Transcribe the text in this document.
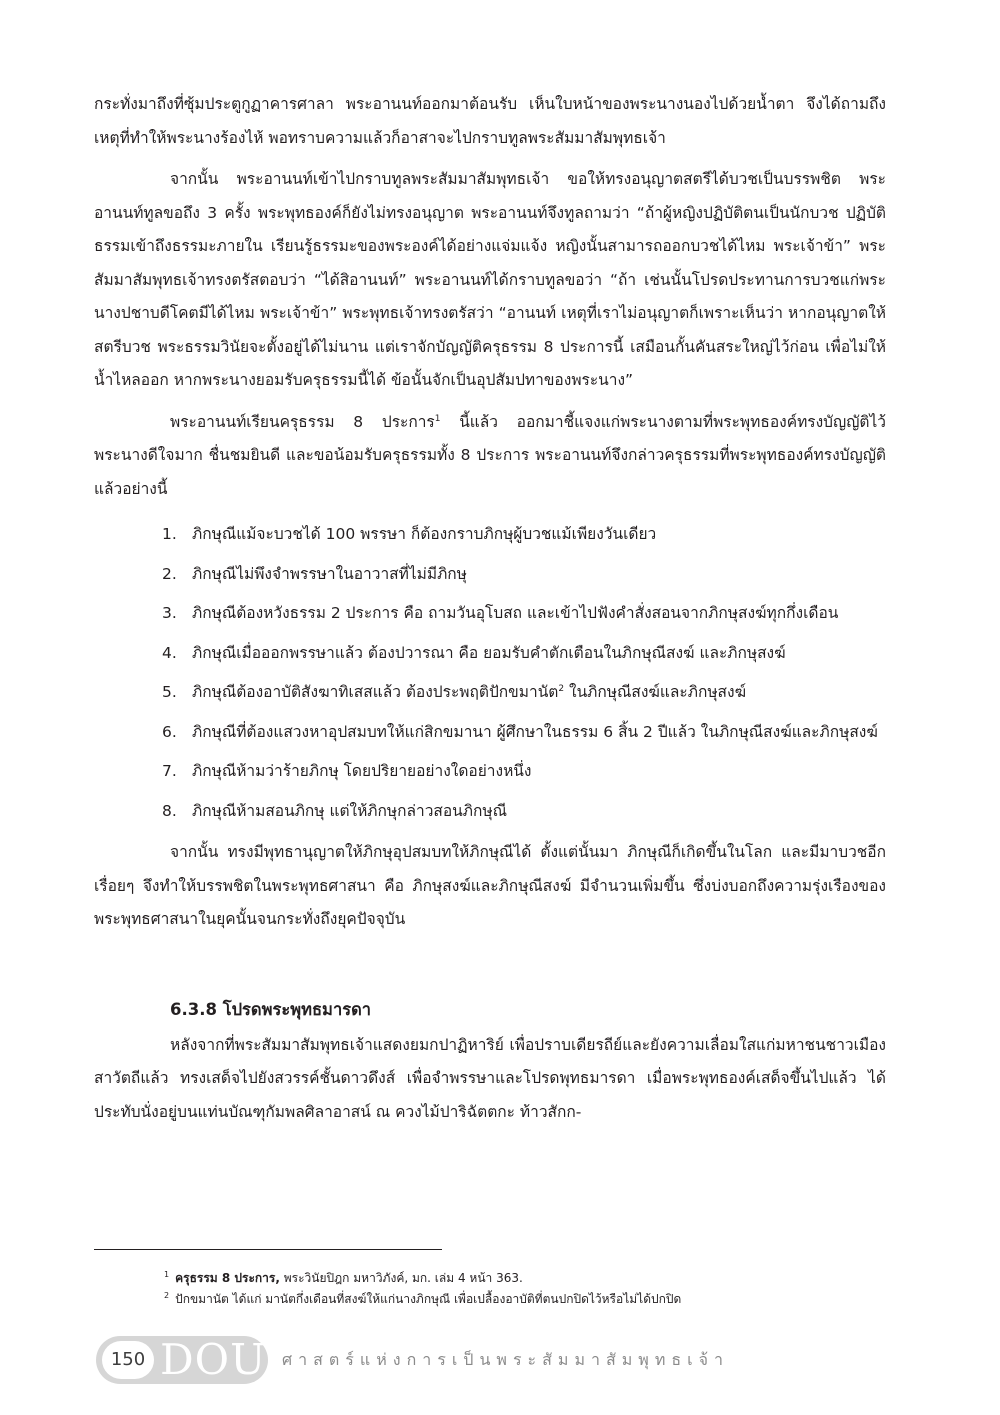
กระทั่งมาถึงที่ซุ้มประตูกูฏาคารศาลา พระอานนท์ออกมาต้อนรับ เห็นใบหน้าของพระนางนองไปด้วยน้ำตา จึงได้ถามถึงเหตุที่ทำให้พระนางร้องไห้ พอทราบความแล้วก็อาสาจะไปกราบทูลพระสัมมาสัมพุทธเจ้า

จากนั้น พระอานนท์เข้าไปกราบทูลพระสัมมาสัมพุทธเจ้า ขอให้ทรงอนุญาตสตรีได้บวชเป็นบรรพชิต พระอานนท์ทูลขอถึง 3 ครั้ง พระพุทธองค์ก็ยังไม่ทรงอนุญาต พระอานนท์จึงทูลถามว่า “ถ้าผู้หญิงปฏิบัติตนเป็นนักบวช ปฏิบัติธรรมเข้าถึงธรรมะภายใน เรียนรู้ธรรมะของพระองค์ได้อย่างแจ่มแจ้ง หญิงนั้นสามารถออกบวชได้ไหม พระเจ้าข้า” พระสัมมาสัมพุทธเจ้าทรงตรัสตอบว่า “ได้สิอานนท์” พระอานนท์ได้กราบทูลขอว่า “ถ้า เช่นนั้นโปรดประทานการบวชแก่พระนางปชาบดีโคตมีได้ไหม พระเจ้าข้า” พระพุทธเจ้าทรงตรัสว่า “อานนท์ เหตุที่เราไม่อนุญาตก็เพราะเห็นว่า หากอนุญาตให้สตรีบวช พระธรรมวินัยจะตั้งอยู่ได้ไม่นาน แต่เราจักบัญญัติครุธรรม 8 ประการนี้ เสมือนกั้นคันสระใหญ่ไว้ก่อน เพื่อไม่ให้น้ำไหลออก หากพระนางยอมรับครุธรรมนี้ได้ ข้อนั้นจักเป็นอุปสัมปทาของพระนาง”

พระอานนท์เรียนครุธรรม 8 ประการ$^1$ นี้แล้ว ออกมาชี้แจงแก่พระนางตามที่พระพุทธองค์ทรงบัญญัติไว้ พระนางดีใจมาก ชื่นชมยินดี และขอน้อมรับครุธรรมทั้ง 8 ประการ พระอานนท์จึงกล่าวครุธรรมที่พระพุทธองค์ทรงบัญญัติแล้วอย่างนี้

1. ภิกษุณีแม้จะบวชได้ 100 พรรษา ก็ต้องกราบภิกษุผู้บวชแม้เพียงวันเดียว
2. ภิกษุณีไม่พึงจำพรรษาในอาวาสที่ไม่มีภิกษุ
3. ภิกษุณีต้องหวังธรรม 2 ประการ คือ ถามวันอุโบสถ และเข้าไปฟังคำสั่งสอนจากภิกษุสงฆ์ทุกกึ่งเดือน
4. ภิกษุณีเมื่อออกพรรษาแล้ว ต้องปวารณา คือ ยอมรับคำตักเตือนในภิกษุณีสงฆ์ และภิกษุสงฆ์
5. ภิกษุณีต้องอาบัติสังฆาทิเสสแล้ว ต้องประพฤติปักขมานัต$^2$ ในภิกษุณีสงฆ์และภิกษุสงฆ์
6. ภิกษุณีที่ต้องแสวงหาอุปสมบทให้แก่สิกขมานา ผู้ศึกษาในธรรม 6 สิ้น 2 ปีแล้ว ในภิกษุณีสงฆ์และภิกษุสงฆ์
7. ภิกษุณีห้ามว่าร้ายภิกษุ โดยปริยายอย่างใดอย่างหนึ่ง
8. ภิกษุณีห้ามสอนภิกษุ แต่ให้ภิกษุกล่าวสอนภิกษุณี

จากนั้น ทรงมีพุทธานุญาตให้ภิกษุอุปสมบทให้ภิกษุณีได้ ตั้งแต่นั้นมา ภิกษุณีก็เกิดขึ้นในโลก และมีมาบวชอีกเรื่อยๆ จึงทำให้บรรพชิตในพระพุทธศาสนา คือ ภิกษุสงฆ์และภิกษุณีสงฆ์ มีจำนวนเพิ่มขึ้น ซึ่งบ่งบอกถึงความรุ่งเรืองของพระพุทธศาสนาในยุคนั้นจนกระทั่งถึงยุคปัจจุบัน

6.3.8 โปรดพระพุทธมารดา

หลังจากที่พระสัมมาสัมพุทธเจ้าแสดงยมกปาฏิหาริย์ เพื่อปราบเดียรถีย์และยังความเลื่อมใสแก่มหาชนชาวเมืองสาวัตถีแล้ว ทรงเสด็จไปยังสวรรค์ชั้นดาวดึงส์ เพื่อจำพรรษาและโปรดพุทธมารดา เมื่อพระพุทธองค์เสด็จขึ้นไปแล้ว ได้ประทับนั่งอยู่บนแท่นบัณฑุกัมพลศิลาอาสน์ ณ ควงไม้ปาริฉัตตกะ ท้าวสักก-

$^1$ ครุธรรม 8 ประการ, พระวินัยปิฎก มหาวิภังค์, มก. เล่ม 4 หน้า 363.
$^2$ ปักขมานัต ได้แก่ มานัตกึ่งเดือนที่สงฆ์ให้แก่นางภิกษุณี เพื่อเปลื้องอาบัติที่ตนปกปิดไว้หรือไม่ได้ปกปิด
150 DOU ศาสตร์แห่งการเป็นพระสัมมาสัมพุทธเจ้า
